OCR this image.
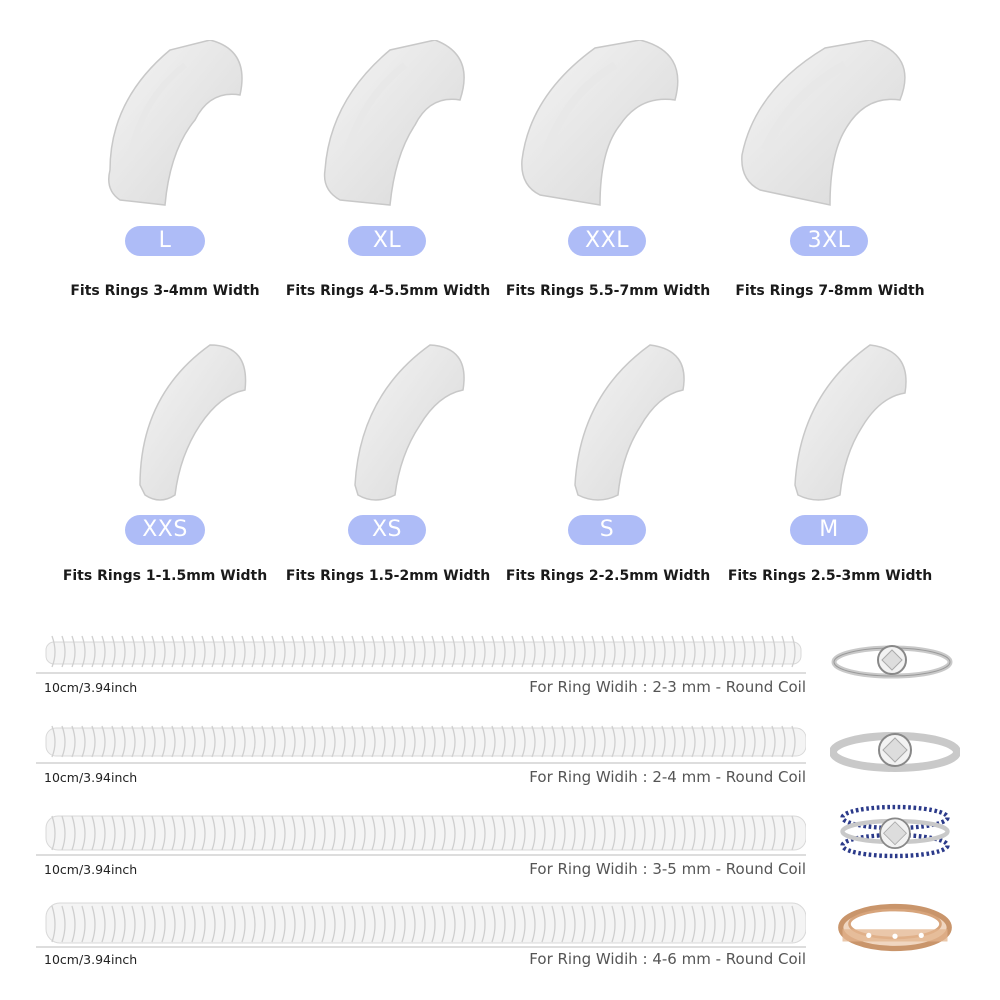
L
Fits Rings 3-4mm Width
XL
Fits Rings 4-5.5mm Width
XXL
Fits Rings 5.5-7mm Width
3XL
Fits Rings 7-8mm Width
XXS
Fits Rings 1-1.5mm Width
XS
Fits Rings 1.5-2mm Width
S
Fits Rings 2-2.5mm Width
M
Fits Rings 2.5-3mm Width
10cm/3.94inch	For Ring Widih : 2-3 mm - Round Coil
10cm/3.94inch	For Ring Widih : 2-4 mm - Round Coil
10cm/3.94inch	For Ring Widih : 3-5 mm - Round Coil
10cm/3.94inch	For Ring Widih : 4-6 mm - Round Coil
